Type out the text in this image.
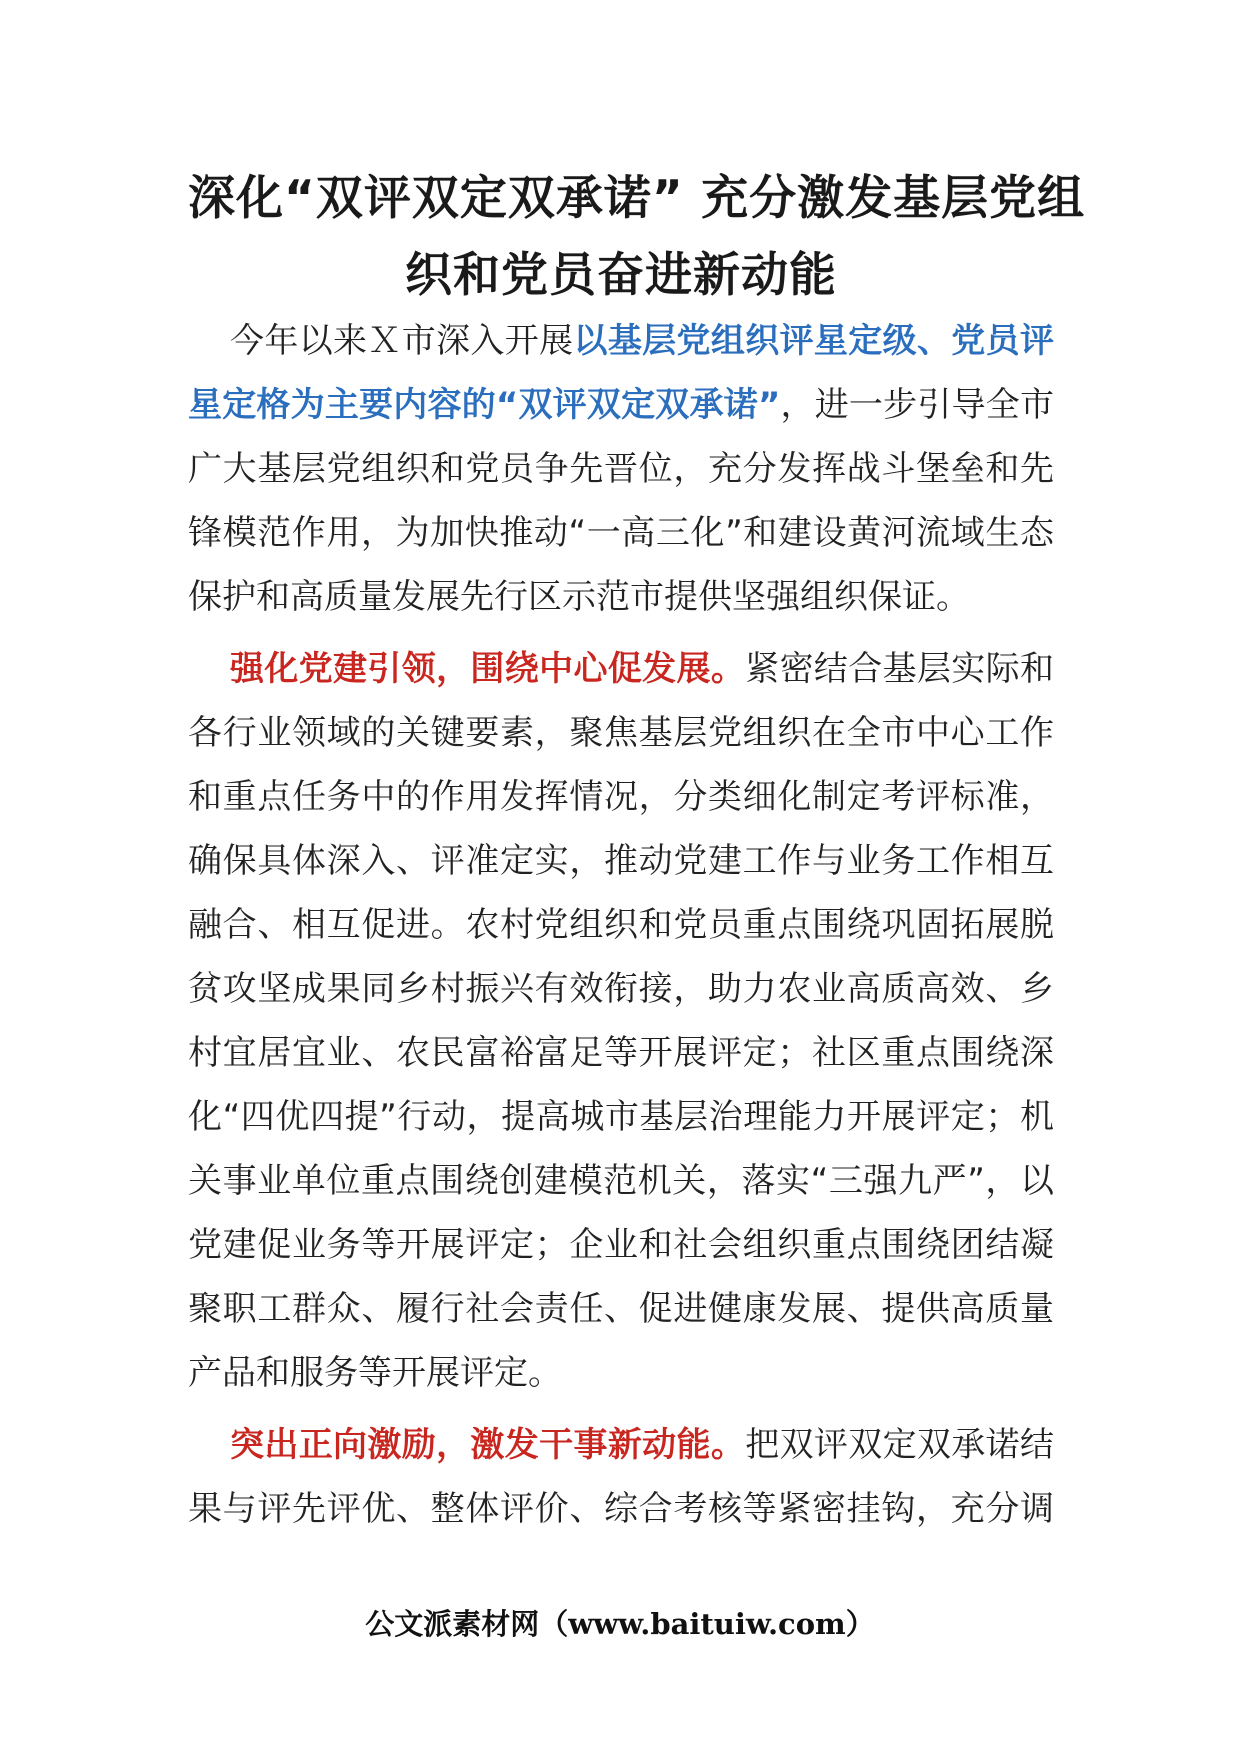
深化“双评双定双承诺” 充分激发基层党组
织和党员奋进新动能
今年以来Ｘ市深入开展以基层党组织评星定级、党员评
星定格为主要内容的“双评双定双承诺”，进一步引导全市
广大基层党组织和党员争先晋位，充分发挥战斗堡垒和先
锋模范作用，为加快推动“一高三化”和建设黄河流域生态
保护和高质量发展先行区示范市提供坚强组织保证。
强化党建引领，围绕中心促发展。紧密结合基层实际和
各行业领域的关键要素，聚焦基层党组织在全市中心工作
和重点任务中的作用发挥情况，分类细化制定考评标准，
确保具体深入、评准定实，推动党建工作与业务工作相互
融合、相互促进。农村党组织和党员重点围绕巩固拓展脱
贫攻坚成果同乡村振兴有效衔接，助力农业高质高效、乡
村宜居宜业、农民富裕富足等开展评定；社区重点围绕深
化“四优四提”行动，提高城市基层治理能力开展评定；机
关事业单位重点围绕创建模范机关，落实“三强九严”，以
党建促业务等开展评定；企业和社会组织重点围绕团结凝
聚职工群众、履行社会责任、促进健康发展、提供高质量
产品和服务等开展评定。
突出正向激励，激发干事新动能。把双评双定双承诺结
果与评先评优、整体评价、综合考核等紧密挂钩，充分调
公文派素材网（www.baituiw.com）
